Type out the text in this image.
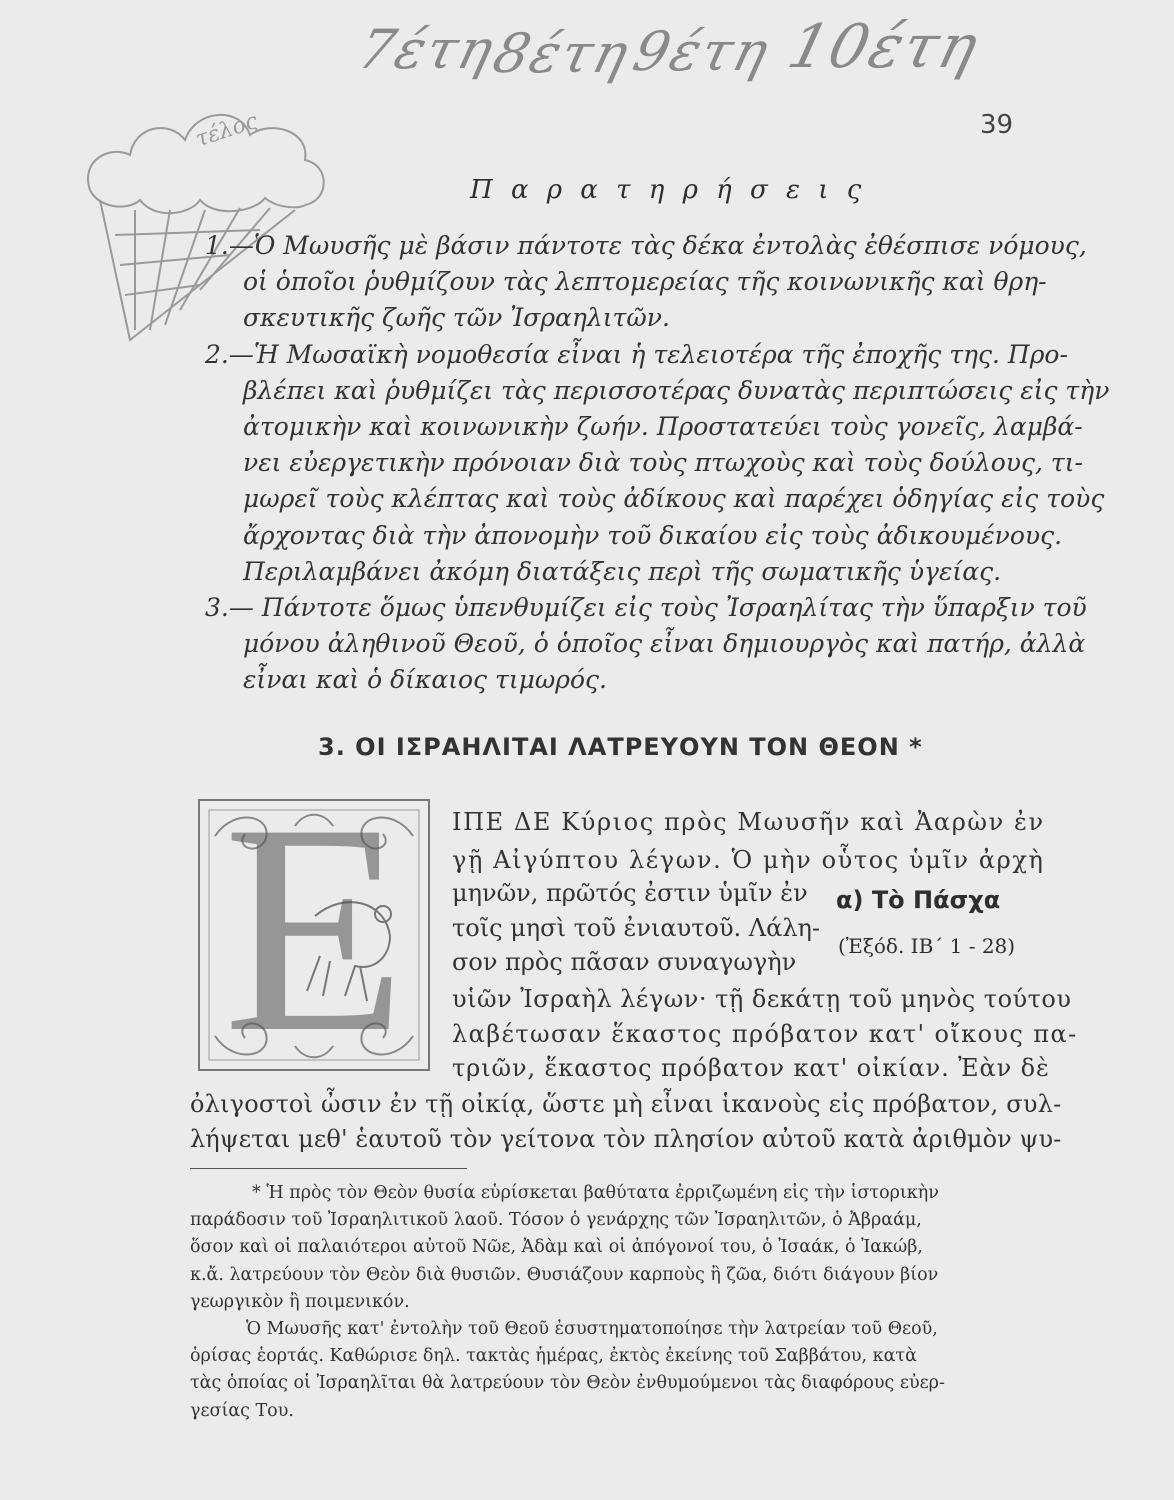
7έτη
8έτη
9έτη 10έτη
τέλος	39
Π α ρ α τ η ρ ή σ ε ι ς
1.—Ὁ Μωυσῆς μὲ βάσιν πάντοτε τὰς δέκα ἐντολὰς ἐθέσπισε νόμους,
οἱ ὁποῖοι ῥυθμίζουν τὰς λεπτομερείας τῆς κοινωνικῆς καὶ θρη-
σκευτικῆς ζωῆς τῶν Ἰσραηλιτῶν.
2.—Ἡ Μωσαϊκὴ νομοθεσία εἶναι ἡ τελειοτέρα τῆς ἐποχῆς της. Προ-
βλέπει καὶ ῥυθμίζει τὰς περισσοτέρας δυνατὰς περιπτώσεις εἰς τὴν
ἀτομικὴν καὶ κοινωνικὴν ζωήν. Προστατεύει τοὺς γονεῖς, λαμβά-
νει εὐεργετικὴν πρόνοιαν διὰ τοὺς πτωχοὺς καὶ τοὺς δούλους, τι-
μωρεῖ τοὺς κλέπτας καὶ τοὺς ἀδίκους καὶ παρέχει ὁδηγίας εἰς τοὺς
ἄρχοντας διὰ τὴν ἀπονομὴν τοῦ δικαίου εἰς τοὺς ἀδικουμένους.
Περιλαμβάνει ἀκόμη διατάξεις περὶ τῆς σωματικῆς ὑγείας.
3.— Πάντοτε ὅμως ὑπενθυμίζει εἰς τοὺς Ἰσραηλίτας τὴν ὕπαρξιν τοῦ
μόνου ἀληθινοῦ Θεοῦ, ὁ ὁποῖος εἶναι δημιουργὸς καὶ πατήρ, ἀλλὰ
εἶναι καὶ ὁ δίκαιος τιμωρός.
3. ΟΙ ΙΣΡΑΗΛΙΤΑΙ ΛΑΤΡΕΥΟΥΝ ΤΟΝ ΘΕΟΝ *
Ε ΙΠΕ ΔΕ Κύριος πρὸς Μωυσῆν καὶ Ἀαρὼν ἐν
γῇ Αἰγύπτου λέγων. Ὁ μὴν οὗτος ὑμῖν ἀρχὴ
μηνῶν, πρῶτός ἐστιν ὑμῖν ἐν
τοῖς μησὶ τοῦ ἐνιαυτοῦ. Λάλη-
σον πρὸς πᾶσαν συναγωγὴν
α) Τὸ Πάσχα
(Ἐξόδ. ΙΒ΄ 1 - 28)
υἱῶν Ἰσραὴλ λέγων· τῇ δεκάτῃ τοῦ μηνὸς τούτου
λαβέτωσαν ἕκαστος πρόβατον κατ' οἴκους πα-
τριῶν, ἕκαστος πρόβατον κατ' οἰκίαν. Ἐὰν δὲ
ὀλιγοστοὶ ὦσιν ἐν τῇ οἰκίᾳ, ὥστε μὴ εἶναι ἱκανοὺς εἰς πρόβατον, συλ-
λήψεται μεθ' ἑαυτοῦ τὸν γείτονα τὸν πλησίον αὐτοῦ κατὰ ἀριθμὸν ψυ-
* Ἡ πρὸς τὸν Θεὸν θυσία εὑρίσκεται βαθύτατα ἐρριζωμένη εἰς τὴν ἱστορικὴν
παράδοσιν τοῦ Ἰσραηλιτικοῦ λαοῦ. Τόσον ὁ γενάρχης τῶν Ἰσραηλιτῶν, ὁ Ἀβραάμ,
ὅσον καὶ οἱ παλαιότεροι αὐτοῦ Νῶε, Ἀδὰμ καὶ οἱ ἀπόγονοί του, ὁ Ἰσαάκ, ὁ Ἰακώβ,
κ.ἄ. λατρεύουν τὸν Θεὸν διὰ θυσιῶν. Θυσιάζουν καρποὺς ἢ ζῶα, διότι διάγουν βίον
γεωργικὸν ἢ ποιμενικόν.
Ὁ Μωυσῆς κατ' ἐντολὴν τοῦ Θεοῦ ἐσυστηματοποίησε τὴν λατρείαν τοῦ Θεοῦ,
ὁρίσας ἑορτάς. Καθώρισε δηλ. τακτὰς ἡμέρας, ἐκτὸς ἐκείνης τοῦ Σαββάτου, κατὰ
τὰς ὁποίας οἱ Ἰσραηλῖται θὰ λατρεύουν τὸν Θεὸν ἐνθυμούμενοι τὰς διαφόρους εὐερ-
γεσίας Του.
